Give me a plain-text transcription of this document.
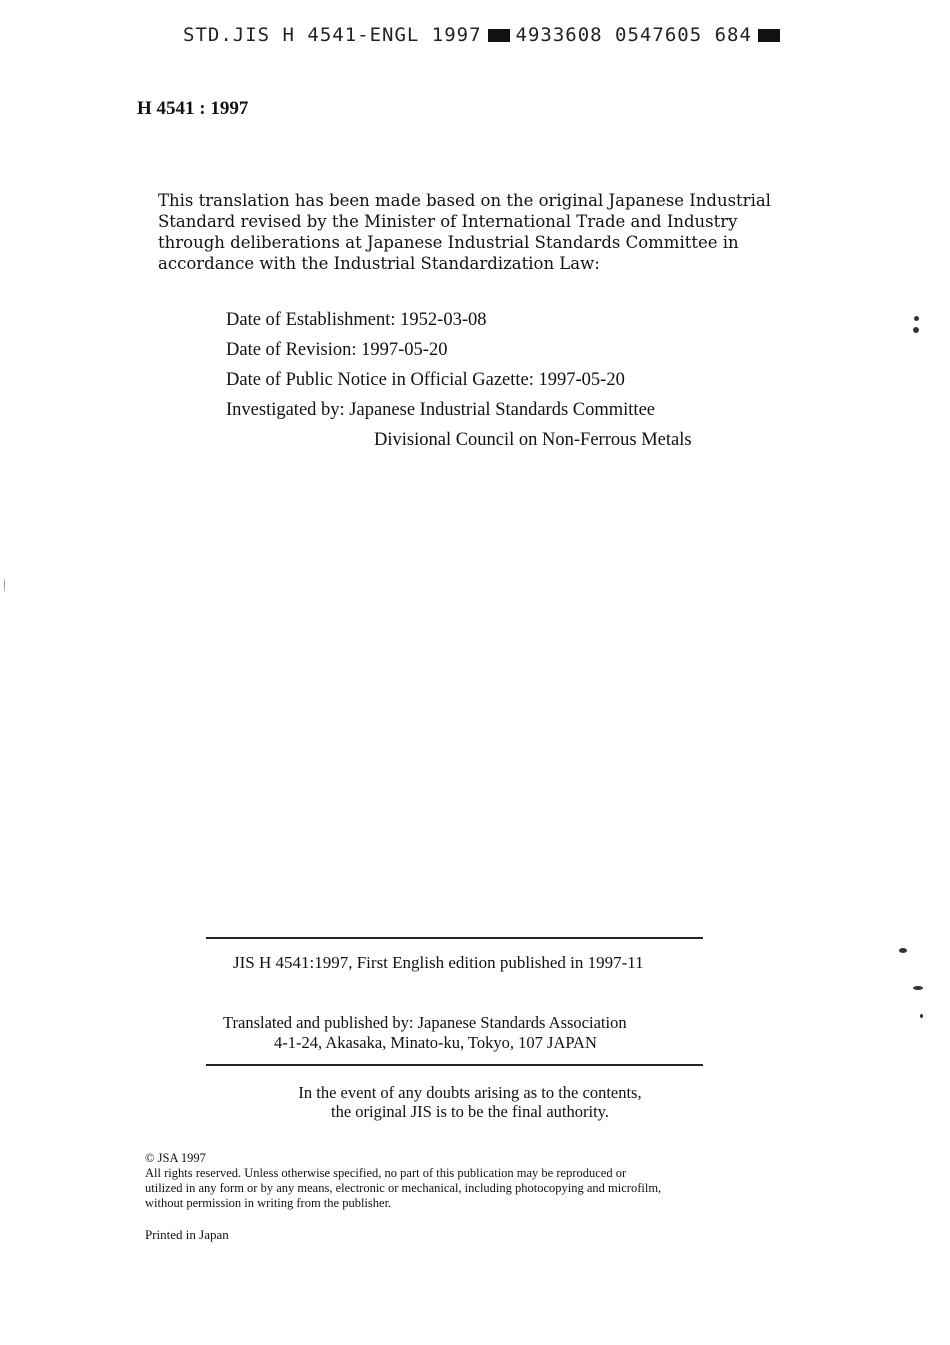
STD.JIS H 4541-ENGL 1997 4933608 0547605 684
H 4541 : 1997
This translation has been made based on the original Japanese Industrial
Standard revised by the Minister of International Trade and Industry
through deliberations at Japanese Industrial Standards Committee in
accordance with the Industrial Standardization Law:
Date of Establishment: 1952-03-08
Date of Revision: 1997-05-20
Date of Public Notice in Official Gazette: 1997-05-20
Investigated by: Japanese Industrial Standards Committee
Divisional Council on Non-Ferrous Metals
JIS H 4541:1997, First English edition published in 1997-11
Translated and published by: Japanese Standards Association
4-1-24, Akasaka, Minato-ku, Tokyo, 107 JAPAN
In the event of any doubts arising as to the contents,
the original JIS is to be the final authority.
© JSA 1997
All rights reserved. Unless otherwise specified, no part of this publication may be reproduced or
utilized in any form or by any means, electronic or mechanical, including photocopying and microfilm,
without permission in writing from the publisher.
Printed in Japan
